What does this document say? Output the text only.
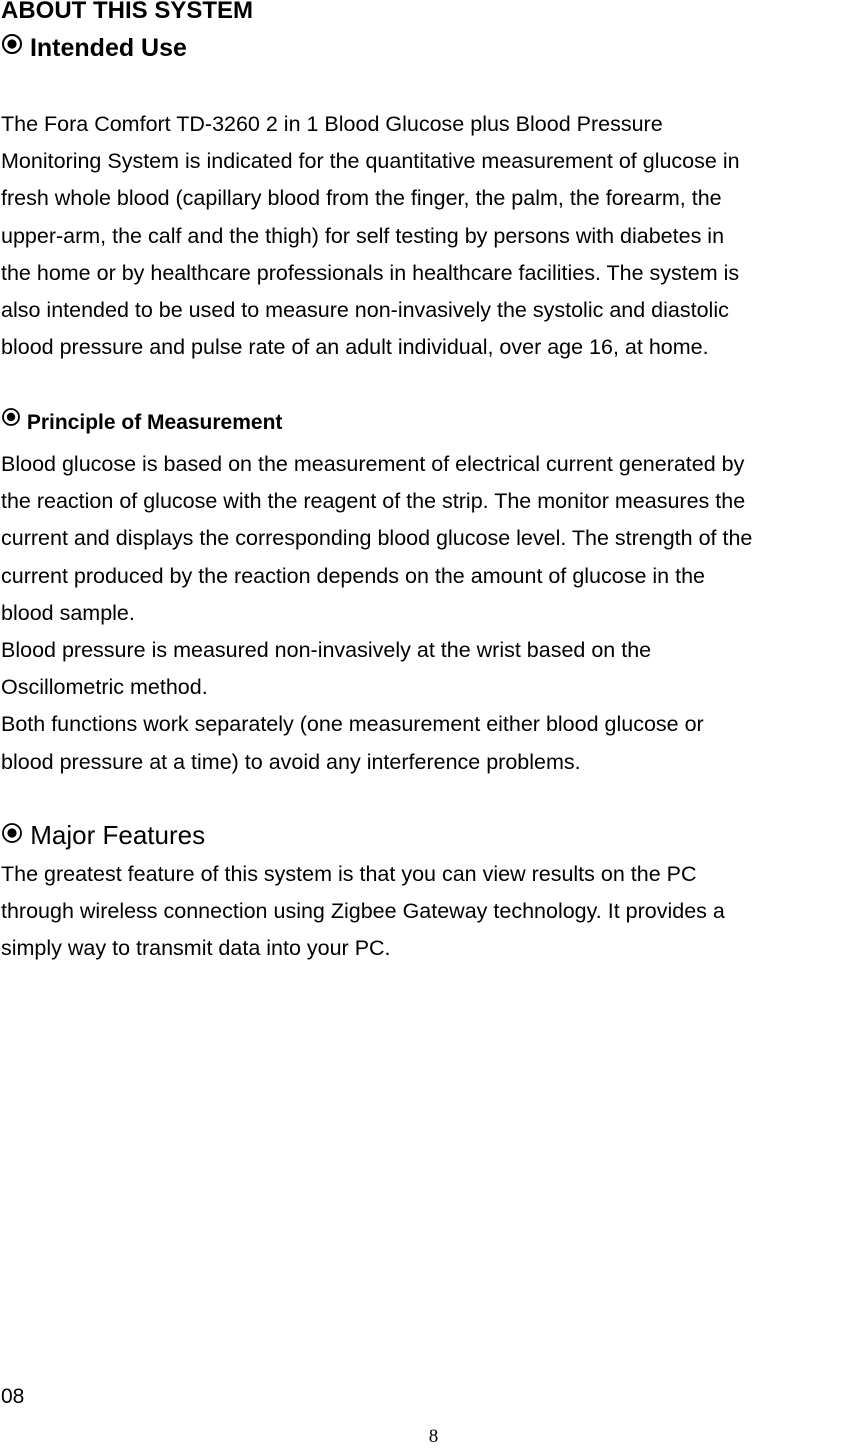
ABOUT THIS SYSTEM
Intended Use
The Fora Comfort TD-3260 2 in 1 Blood Glucose plus Blood Pressure
Monitoring System is indicated for the quantitative measurement of glucose in
fresh whole blood (capillary blood from the finger, the palm, the forearm, the
upper-arm, the calf and the thigh) for self testing by persons with diabetes in
the home or by healthcare professionals in healthcare facilities. The system is
also intended to be used to measure non-invasively the systolic and diastolic
blood pressure and pulse rate of an adult individual, over age 16, at home.
Principle of Measurement
Blood glucose is based on the measurement of electrical current generated by
the reaction of glucose with the reagent of the strip. The monitor measures the
current and displays the corresponding blood glucose level. The strength of the
current produced by the reaction depends on the amount of glucose in the
blood sample.
Blood pressure is measured non-invasively at the wrist based on the
Oscillometric method.
Both functions work separately (one measurement either blood glucose or
blood pressure at a time) to avoid any interference problems.
Major Features
The greatest feature of this system is that you can view results on the PC
through wireless connection using Zigbee Gateway technology. It provides a
simply way to transmit data into your PC.
08
8
